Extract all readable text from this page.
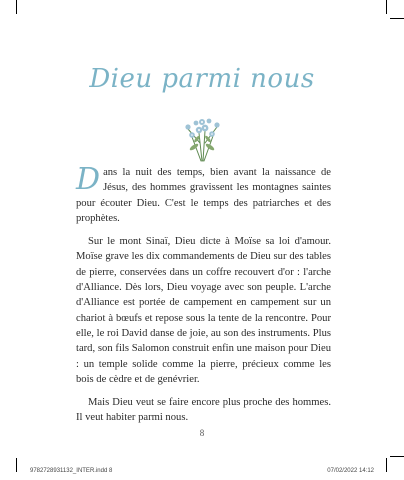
Dieu parmi nous

Dans la nuit des temps, bien avant la naissance de Jésus, des hommes gravissent les montagnes saintes pour écouter Dieu. C'est le temps des patriarches et des prophètes.

Sur le mont Sinaï, Dieu dicte à Moïse sa loi d'amour. Moïse grave les dix commandements de Dieu sur des tables de pierre, conservées dans un coffre recouvert d'or : l'arche d'Alliance. Dès lors, Dieu voyage avec son peuple. L'arche d'Alliance est portée de campement en campement sur un chariot à bœufs et repose sous la tente de la rencontre. Pour elle, le roi David danse de joie, au son des instruments. Plus tard, son fils Salomon construit enfin une maison pour Dieu : un temple solide comme la pierre, précieux comme les bois de cèdre et de genévrier.

Mais Dieu veut se faire encore plus proche des hommes. Il veut habiter parmi nous.

8
9782728931132_INTER.indd 8	07/02/2022 14:12
